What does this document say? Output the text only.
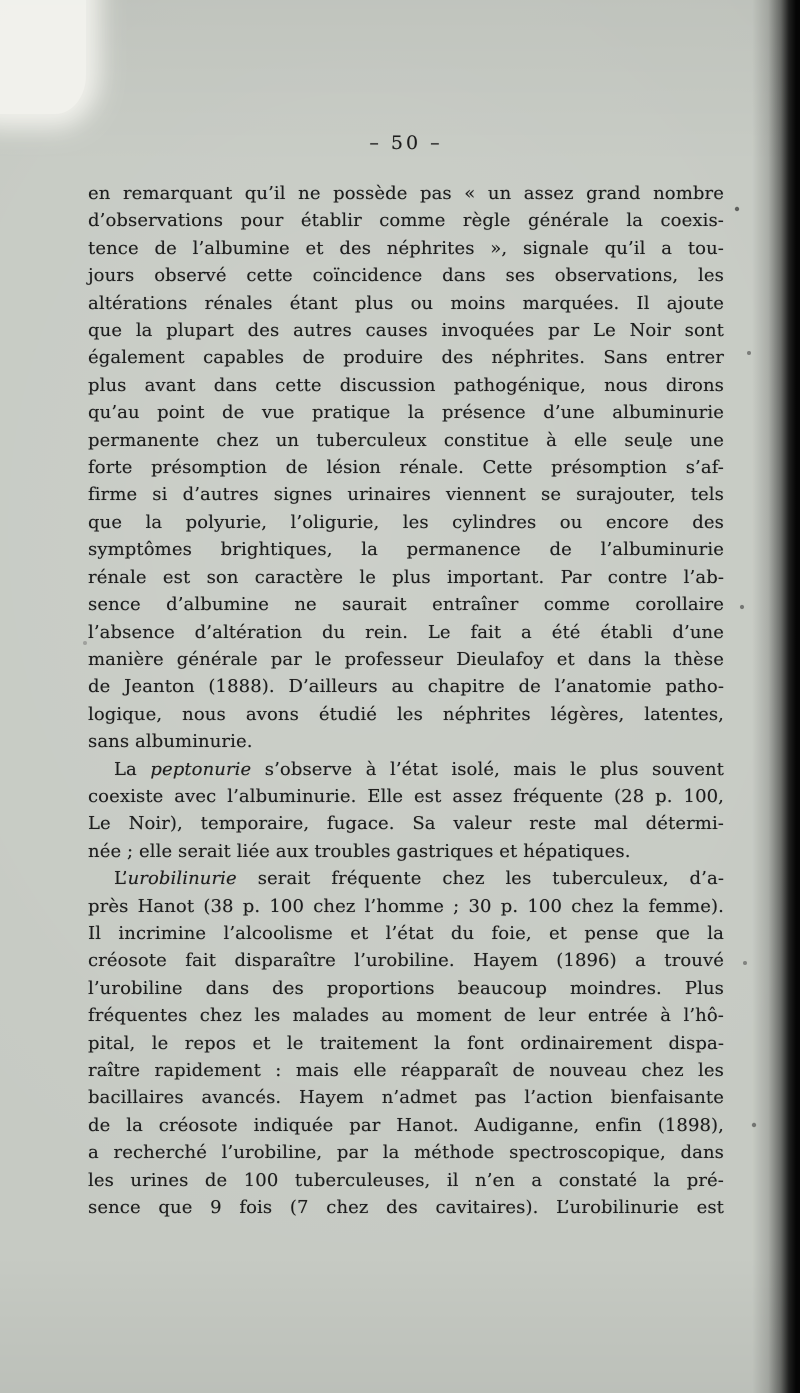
– 50 –

en remarquant qu’il ne possède pas « un assez grand nombre
d’observations pour établir comme règle générale la coexis-
tence de l’albumine et des néphrites », signale qu’il a tou-
jours observé cette coïncidence dans ses observations, les
altérations rénales étant plus ou moins marquées. Il ajoute
que la plupart des autres causes invoquées par Le Noir sont
également capables de produire des néphrites. Sans entrer
plus avant dans cette discussion pathogénique, nous dirons
qu’au point de vue pratique la présence d’une albuminurie
permanente chez un tuberculeux constitue à elle seule une
forte présomption de lésion rénale. Cette présomption s’af-
firme si d’autres signes urinaires viennent se surajouter, tels
que la polyurie, l’oligurie, les cylindres ou encore des
symptômes brightiques, la permanence de l’albuminurie
rénale est son caractère le plus important. Par contre l’ab-
sence d’albumine ne saurait entraîner comme corollaire
l’absence d’altération du rein. Le fait a été établi d’une
manière générale par le professeur Dieulafoy et dans la thèse
de Jeanton (1888). D’ailleurs au chapitre de l’anatomie patho-
logique, nous avons étudié les néphrites légères, latentes,
sans albuminurie.

La peptonurie s’observe à l’état isolé, mais le plus souvent
coexiste avec l’albuminurie. Elle est assez fréquente (28 p. 100,
Le Noir), temporaire, fugace. Sa valeur reste mal détermi-
née ; elle serait liée aux troubles gastriques et hépatiques.

L’urobilinurie serait fréquente chez les tuberculeux, d’a-
près Hanot (38 p. 100 chez l’homme ; 30 p. 100 chez la femme).
Il incrimine l’alcoolisme et l’état du foie, et pense que la
créosote fait disparaître l’urobiline. Hayem (1896) a trouvé
l’urobiline dans des proportions beaucoup moindres. Plus
fréquentes chez les malades au moment de leur entrée à l’hô-
pital, le repos et le traitement la font ordinairement dispa-
raître rapidement : mais elle réapparaît de nouveau chez les
bacillaires avancés. Hayem n’admet pas l’action bienfaisante
de la créosote indiquée par Hanot. Audiganne, enfin (1898),
a recherché l’urobiline, par la méthode spectroscopique, dans
les urines de 100 tuberculeuses, il n’en a constaté la pré-
sence que 9 fois (7 chez des cavitaires). L’urobilinurie est
